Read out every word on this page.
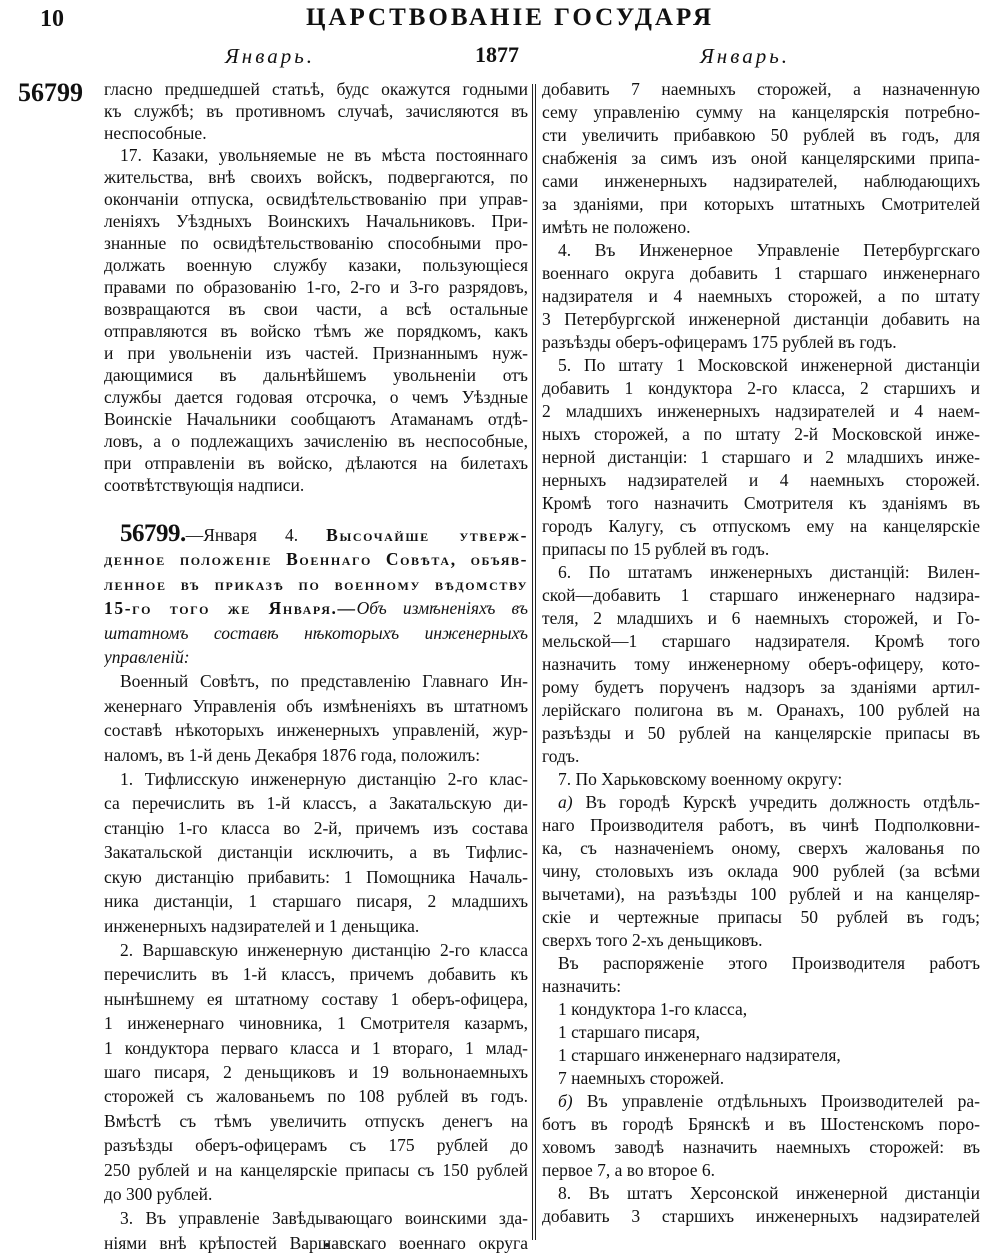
10	ЦАРСТВОВАНІЕ ГОСУДАРЯ
Январь.	1877	Январь.
56799 гласно предшедшей статьѣ, будс окажутся годными
къ службѣ; въ противномъ случаѣ, зачисляются въ
неспособные.
17. Казаки, увольняемые не въ мѣста постояннаго
жительства, внѣ своихъ войскъ, подвергаются, по
окончаніи отпуска, освидѣтельствованію при управ-
леніяхъ Уѣздныхъ Воинскихъ Начальниковъ. При-
знанные по освидѣтельствованію способными про-
должать военную службу казаки, пользующіеся
правами по образованію 1-го, 2-го и 3-го разрядовъ,
возвращаются въ свои части, а всѣ остальные
отправляются въ войско тѣмъ же порядкомъ, какъ
и при увольненіи изъ частей. Признаннымъ нуж-
дающимися въ дальнѣйшемъ увольненіи отъ
службы дается годовая отсрочка, о чемъ Уѣздные
Воинскіе Начальники сообщаютъ Атаманамъ отдѣ-
ловъ, а о подлежащихъ зачисленію въ неспособные,
при отправленіи въ войско, дѣлаются на билетахъ
соотвѣтствующія надписи.
56799.—Января 4. Высочайше утверж-
денное положеніе Военнаго Совѣта, объяв-
ленное въ приказѣ по военному вѣдомству
15-го того же Января.—Объ измѣненіяхъ въ
штатномъ составѣ нѣкоторыхъ инженерныхъ
управленій:
Военный Совѣтъ, по представленію Главнаго Ин-
женернаго Управленія объ измѣненіяхъ въ штатномъ
составѣ нѣкоторыхъ инженерныхъ управленій, жур-
наломъ, въ 1-й день Декабря 1876 года, положилъ:
1. Тифлисскую инженерную дистанцію 2-го клас-
са перечислить въ 1-й классъ, а Закатальскую ди-
станцію 1-го класса во 2-й, причемъ изъ состава
Закатальской дистанціи исключить, а въ Тифлис-
скую дистанцію прибавить: 1 Помощника Началь-
ника дистанціи, 1 старшаго писаря, 2 младшихъ
инженерныхъ надзирателей и 1 деньщика.
2. Варшавскую инженерную дистанцію 2-го класса
перечислить въ 1-й классъ, причемъ добавить къ
нынѣшнему ея штатному составу 1 оберъ-офицера,
1 инженернаго чиновника, 1 Смотрителя казармъ,
1 кондуктора перваго класса и 1 втораго, 1 млад-
шаго писаря, 2 деньщиковъ и 19 вольнонаемныхъ
сторожей съ жалованьемъ по 108 рублей въ годъ.
Вмѣстѣ съ тѣмъ увеличить отпускъ денегъ на
разъѣзды оберъ-офицерамъ съ 175 рублей до
250 рублей и на канцелярскіе припасы съ 150 рублей
до 300 рублей.
3. Въ управленіе Завѣдывающаго воинскими зда-
ніями внѣ крѣпостей Варшавскаго военнаго округа
добавить 7 наемныхъ сторожей, а назначенную
сему управленію сумму на канцелярскія потребно-
сти увеличить прибавкою 50 рублей въ годъ, для
снабженія за симъ изъ оной канцелярскими припа-
сами инженерныхъ надзирателей, наблюдающихъ
за зданіями, при которыхъ штатныхъ Смотрителей
имѣть не положено.
4. Въ Инженерное Управленіе Петербургскаго
военнаго округа добавить 1 старшаго инженернаго
надзирателя и 4 наемныхъ сторожей, а по штату
3 Петербургской инженерной дистанціи добавить на
разъѣзды оберъ-офицерамъ 175 рублей въ годъ.
5. По штату 1 Московской инженерной дистанціи
добавить 1 кондуктора 2-го класса, 2 старшихъ и
2 младшихъ инженерныхъ надзирателей и 4 наем-
ныхъ сторожей, а по штату 2-й Московской инже-
нерной дистанціи: 1 старшаго и 2 младшихъ инже-
нерныхъ надзирателей и 4 наемныхъ сторожей.
Кромѣ того назначить Смотрителя къ зданіямъ въ
городъ Калугу, съ отпускомъ ему на канцелярскіе
припасы по 15 рублей въ годъ.
6. По штатамъ инженерныхъ дистанцій: Вилен-
ской—добавить 1 старшаго инженернаго надзира-
теля, 2 младшихъ и 6 наемныхъ сторожей, и Го-
мельской—1 старшаго надзирателя. Кромѣ того
назначить тому инженерному оберъ-офицеру, кото-
рому будетъ порученъ надзоръ за зданіями артил-
лерійскаго полигона въ м. Оранахъ, 100 рублей на
разъѣзды и 50 рублей на канцелярскіе припасы въ
годъ.
7. По Харьковскому военному округу:
а) Въ городѣ Курскѣ учредить должность отдѣль-
наго Производителя работъ, въ чинѣ Подполковни-
ка, съ назначеніемъ оному, сверхъ жалованья по
чину, столовыхъ изъ оклада 900 рублей (за всѣми
вычетами), на разъѣзды 100 рублей и на канцеляр-
скіе и чертежные припасы 50 рублей въ годъ;
сверхъ того 2-хъ деньщиковъ.
Въ распоряженіе этого Производителя работъ
назначить:
1 кондуктора 1-го класса,
1 старшаго писаря,
1 старшаго инженернаго надзирателя,
7 наемныхъ сторожей.
б) Въ управленіе отдѣльныхъ Производителей ра-
ботъ въ городѣ Брянскѣ и въ Шостенскомъ поро-
ховомъ заводѣ назначить наемныхъ сторожей: въ
первое 7, а во второе 6.
8. Въ штатъ Херсонской инженерной дистанціи
добавить 3 старшихъ инженерныхъ надзирателей
